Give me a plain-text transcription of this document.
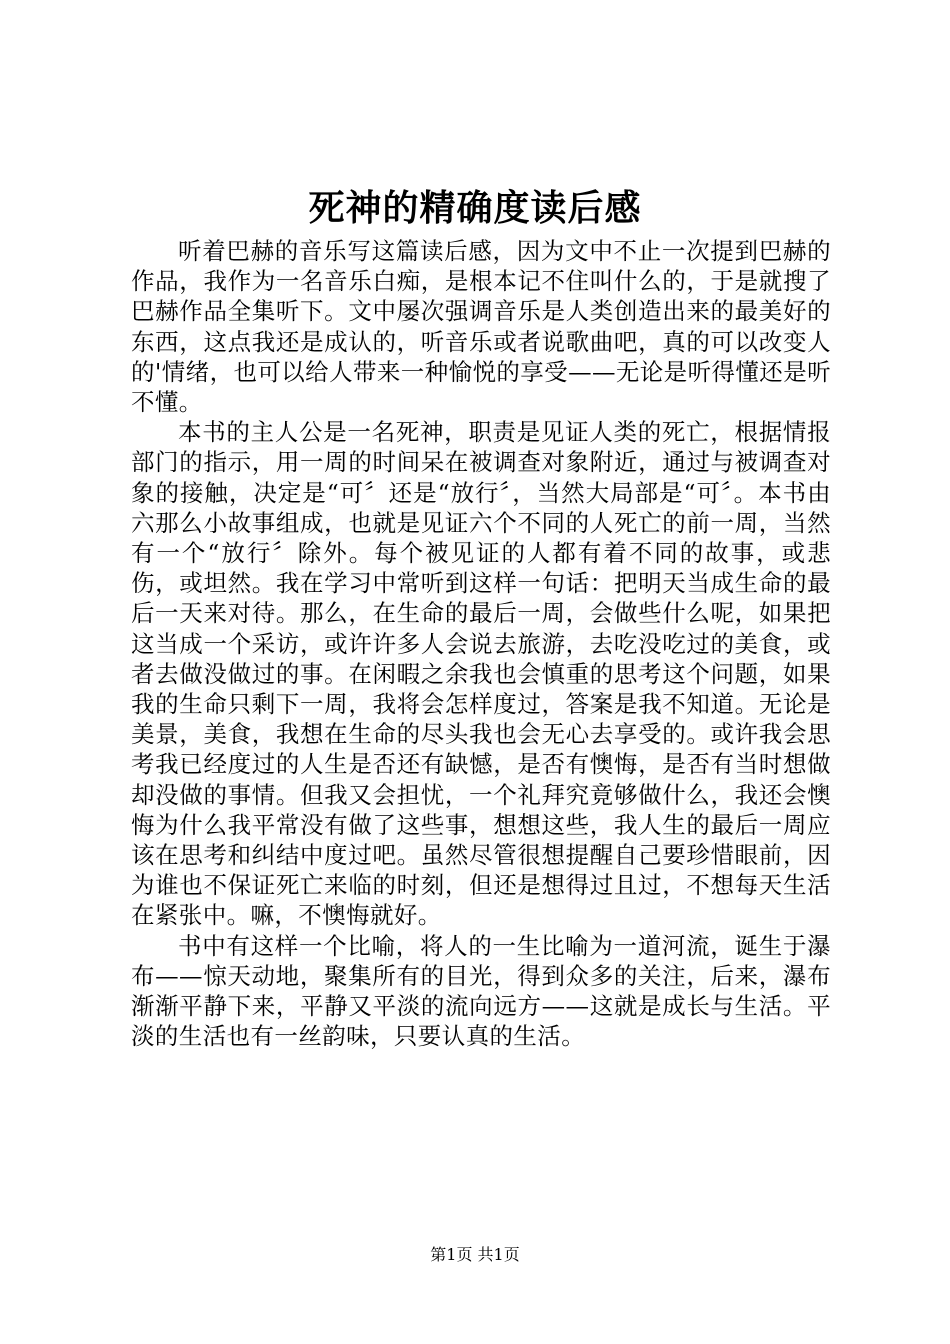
死神的精确度读后感

听着巴赫的音乐写这篇读后感，因为文中不止一次提到巴赫的作品，我作为一名音乐白痴，是根本记不住叫什么的，于是就搜了巴赫作品全集听下。文中屡次强调音乐是人类创造出来的最美好的东西，这点我还是成认的，听音乐或者说歌曲吧，真的可以改变人的'情绪，也可以给人带来一种愉悦的享受——无论是听得懂还是听不懂。

本书的主人公是一名死神，职责是见证人类的死亡，根据情报部门的指示，用一周的时间呆在被调查对象附近，通过与被调查对象的接触，决定是“可〞还是“放行〞，当然大局部是“可〞。本书由六那么小故事组成，也就是见证六个不同的人死亡的前一周，当然有一个“放行〞除外。每个被见证的人都有着不同的故事，或悲伤，或坦然。我在学习中常听到这样一句话：把明天当成生命的最后一天来对待。那么，在生命的最后一周，会做些什么呢，如果把这当成一个采访，或许许多人会说去旅游，去吃没吃过的美食，或者去做没做过的事。在闲暇之余我也会慎重的思考这个问题，如果我的生命只剩下一周，我将会怎样度过，答案是我不知道。无论是美景，美食，我想在生命的尽头我也会无心去享受的。或许我会思考我已经度过的人生是否还有缺憾，是否有懊悔，是否有当时想做却没做的事情。但我又会担忧，一个礼拜究竟够做什么，我还会懊悔为什么我平常没有做了这些事，想想这些，我人生的最后一周应该在思考和纠结中度过吧。虽然尽管很想提醒自己要珍惜眼前，因为谁也不保证死亡来临的时刻，但还是想得过且过，不想每天生活在紧张中。嘛，不懊悔就好。

书中有这样一个比喻，将人的一生比喻为一道河流，诞生于瀑布——惊天动地，聚集所有的目光，得到众多的关注，后来，瀑布渐渐平静下来，平静又平淡的流向远方——这就是成长与生活。平淡的生活也有一丝韵味，只要认真的生活。

第1页 共1页
